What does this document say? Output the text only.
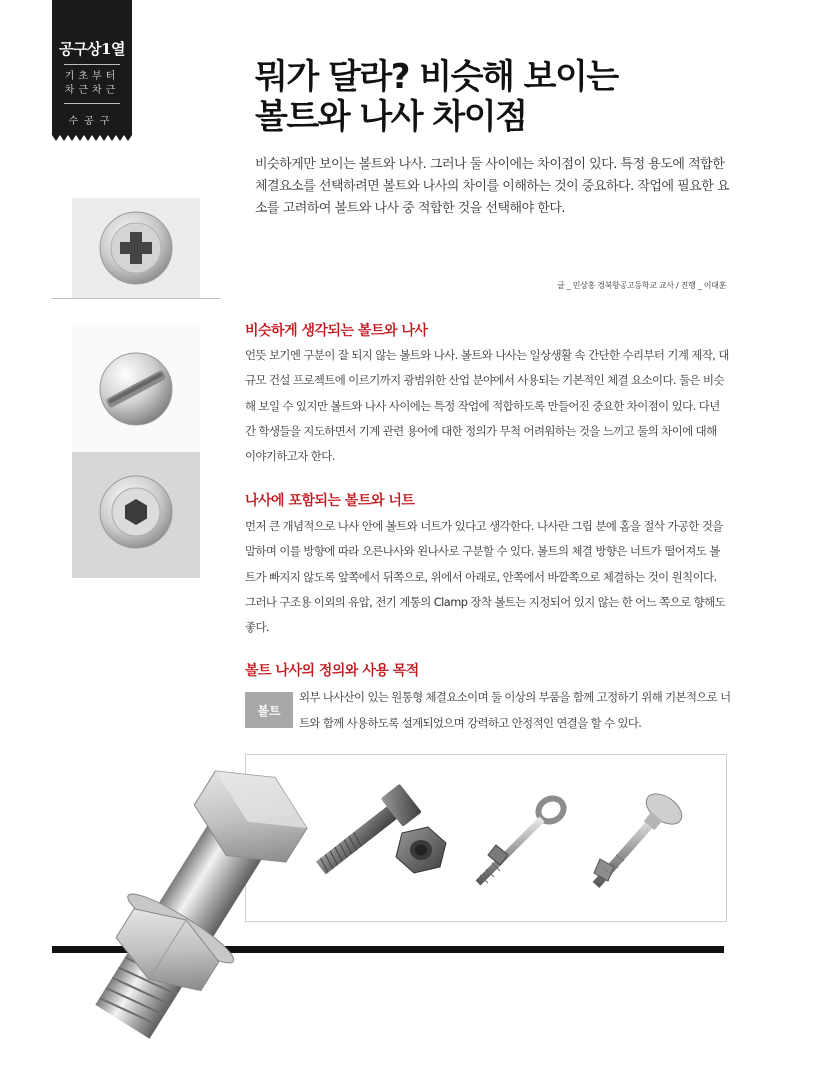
공구상1열
기초부터
차근차근
수공구
뭐가 달라? 비슷해 보이는
볼트와 나사 차이점
비슷하게만 보이는 볼트와 나사. 그러나 둘 사이에는 차이점이 있다. 특정 용도에 적합한 체결요소를 선택하려면 볼트와 나사의 차이를 이해하는 것이 중요하다. 작업에 필요한 요소를 고려하여 볼트와 나사 중 적합한 것을 선택해야 한다.
글 _ 민상홍 경북항공고등학교 교사 / 진행 _ 이대훈
비슷하게 생각되는 볼트와 나사
언뜻 보기엔 구분이 잘 되지 않는 볼트와 나사. 볼트와 나사는 일상생활 속 간단한 수리부터 기계 제작, 대규모 건설 프로젝트에 이르기까지 광범위한 산업 분야에서 사용되는 기본적인 체결 요소이다. 둘은 비슷해 보일 수 있지만 볼트와 나사 사이에는 특정 작업에 적합하도록 만들어진 중요한 차이점이 있다. 다년간 학생들을 지도하면서 기계 관련 용어에 대한 정의가 무척 어려워하는 것을 느끼고 둘의 차이에 대해 이야기하고자 한다.
나사에 포함되는 볼트와 너트
먼저 큰 개념적으로 나사 안에 볼트와 너트가 있다고 생각한다. 나사란 그립 분에 홈을 절삭 가공한 것을 말하며 이를 방향에 따라 오른나사와 왼나사로 구분할 수 있다. 볼트의 체결 방향은 너트가 떨어져도 볼트가 빠지지 않도록 앞쪽에서 뒤쪽으로, 위에서 아래로, 안쪽에서 바깥쪽으로 체결하는 것이 원칙이다. 그러나 구조용 이외의 유압, 전기 계통의 Clamp 장착 볼트는 지정되어 있지 않는 한 어느 쪽으로 향해도 좋다.
볼트 나사의 정의와 사용 목적
볼트
외부 나사산이 있는 원통형 체결요소이며 둘 이상의 부품을 함께 고정하기 위해 기본적으로 너트와 함께 사용하도록 설계되었으며 강력하고 안정적인 연결을 할 수 있다.
